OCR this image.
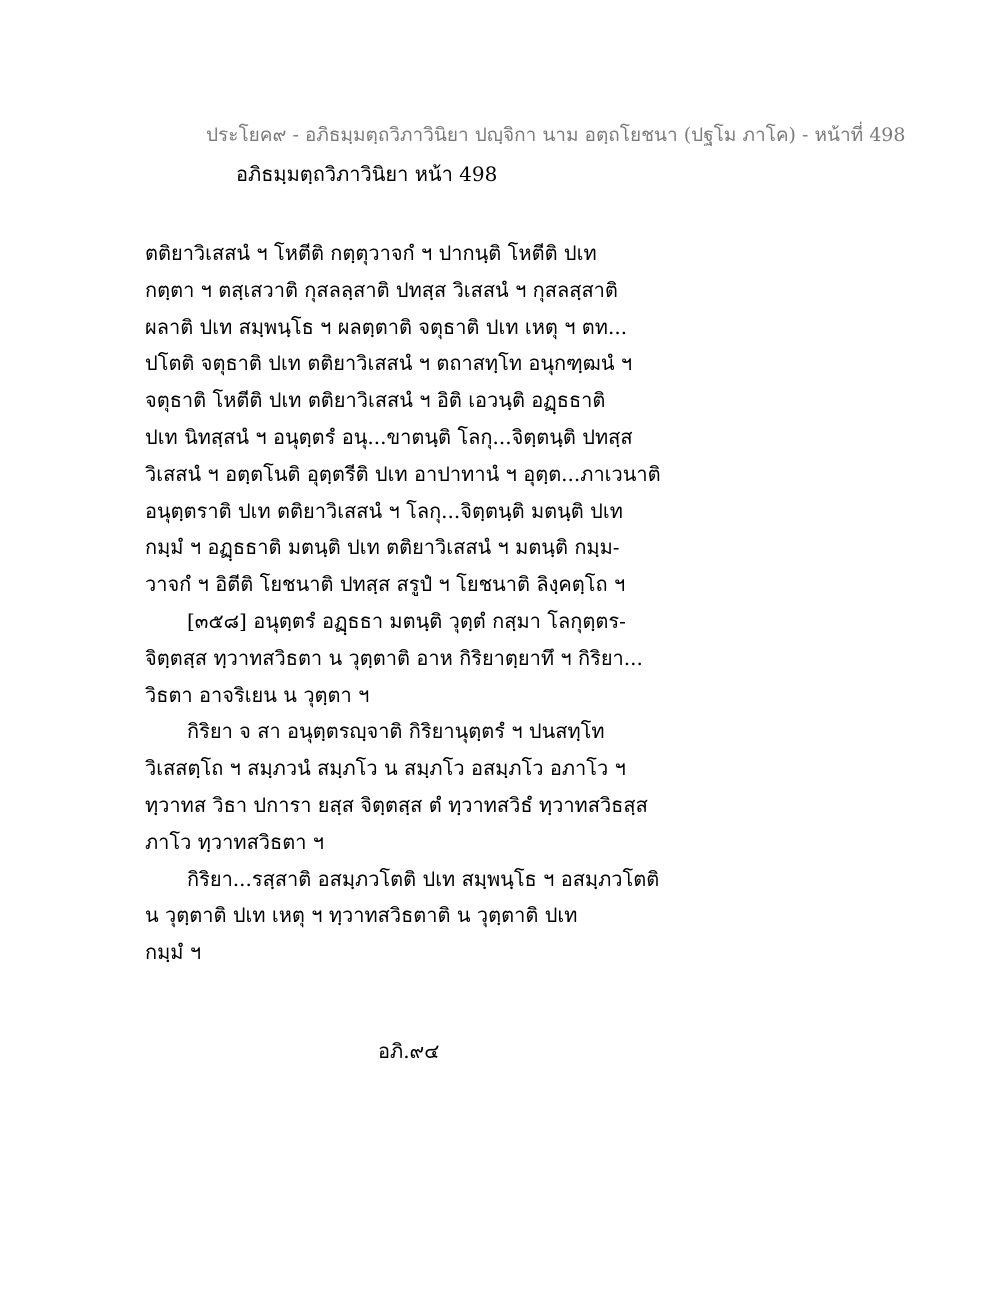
ประโยค๙ - อภิธมฺมตฺถวิภาวินิยา ปญฺจิกา นาม อตฺถโยชนา (ปฐโม ภาโค) - หน้าที่ 498
อภิธมฺมตฺถวิภาวินิยา หน้า 498
ตติยาวิเสสนํ ฯ โหตีติ กตฺตุวาจกํ ฯ ปากนฺติ โหตีติ ปเท
กตฺตา ฯ ตสฺเสวาติ กุสลลฺสาติ ปทสฺส วิเสสนํ ฯ กุสลสฺสาติ
ผลาติ ปเท สมฺพนฺโธ ฯ ผลตฺตาติ จตุธาติ ปเท เหตุ ฯ ตท...
ปโตติ จตุธาติ ปเท ตติยาวิเสสนํ ฯ ตถาสทฺโท อนุกฑฺฒนํ ฯ
จตุธาติ โหตีติ ปเท ตติยาวิเสสนํ ฯ อิติ เอวนฺติ อฏฺธธาติ
ปเท นิทสฺสนํ ฯ อนุตฺตรํ อนุ...ขาตนฺติ โลกุ...จิตฺตนฺติ ปทสฺส
วิเสสนํ ฯ อตฺตโนติ อุตฺตรีติ ปเท อาปาทานํ ฯ อุตฺต...ภาเวนาติ
อนุตฺตราติ ปเท ตติยาวิเสสนํ ฯ โลกุ...จิตฺตนฺติ มตนฺติ ปเท
กมฺมํ ฯ อฏฺธธาติ มตนฺติ ปเท ตติยาวิเสสนํ ฯ มตนฺติ กมฺม-
วาจกํ ฯ อิตีติ โยชนาติ ปทสฺส สรูปํ ฯ โยชนาติ ลิงฺคตฺโถ ฯ
[๓๕๘] อนุตฺตรํ อฏฺธธา มตนฺติ วุตฺตํ กสฺมา โลกุตฺตร-
จิตฺตสฺส ทฺวาทสวิธตา น วุตฺตาติ อาห กิริยาตฺยาทึ ฯ กิริยา...
วิธตา อาจริเยน น วุตฺตา ฯ
กิริยา จ สา อนุตฺตรญฺจาติ กิริยานุตฺตรํ ฯ ปนสทฺโท
วิเสสตฺโถ ฯ สมฺภวนํ สมฺภโว น สมฺภโว อสมฺภโว อภาโว ฯ
ทฺวาทส วิธา ปการา ยสฺส จิตฺตสฺส ตํ ทฺวาทสวิธํ ทฺวาทสวิธสฺส
ภาโว ทฺวาทสวิธตา ฯ
กิริยา...รสฺสาติ อสมฺภวโตติ ปเท สมฺพนฺโธ ฯ อสมฺภวโตติ
น วุตฺตาติ ปเท เหตุ ฯ ทฺวาทสวิธตาติ น วุตฺตาติ ปเท
กมฺมํ ฯ
อภิ.๙๔
